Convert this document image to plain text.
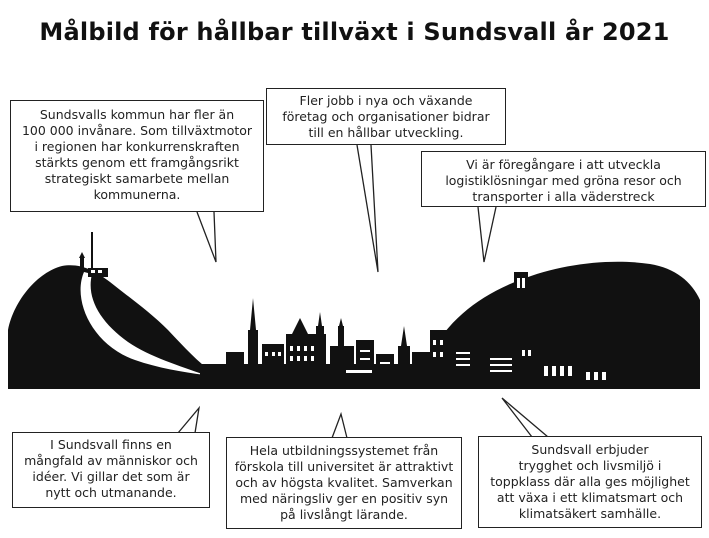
Målbild för hållbar tillväxt i Sundsvall år 2021
Sundsvalls kommun har fler än
100 000 invånare. Som tillväxtmotor
i regionen har konkurrenskraften
stärkts genom ett framgångsrikt
strategiskt samarbete mellan
kommunerna.
Fler jobb i nya och växande
företag och organisationer bidrar
till en hållbar utveckling.
Vi är föregångare i att utveckla
logistiklösningar med gröna resor och
transporter i alla väderstreck
I Sundsvall finns en
mångfald av människor och
idéer. Vi gillar det som är
nytt och utmanande.
Hela utbildningssystemet från
förskola till universitet är attraktivt
och av högsta kvalitet. Samverkan
med näringsliv ger en positiv syn
på livslångt lärande.
Sundsvall erbjuder
trygghet och livsmiljö i
toppklass där alla ges möjlighet
att växa i ett klimatsmart och
klimatsäkert samhälle.
